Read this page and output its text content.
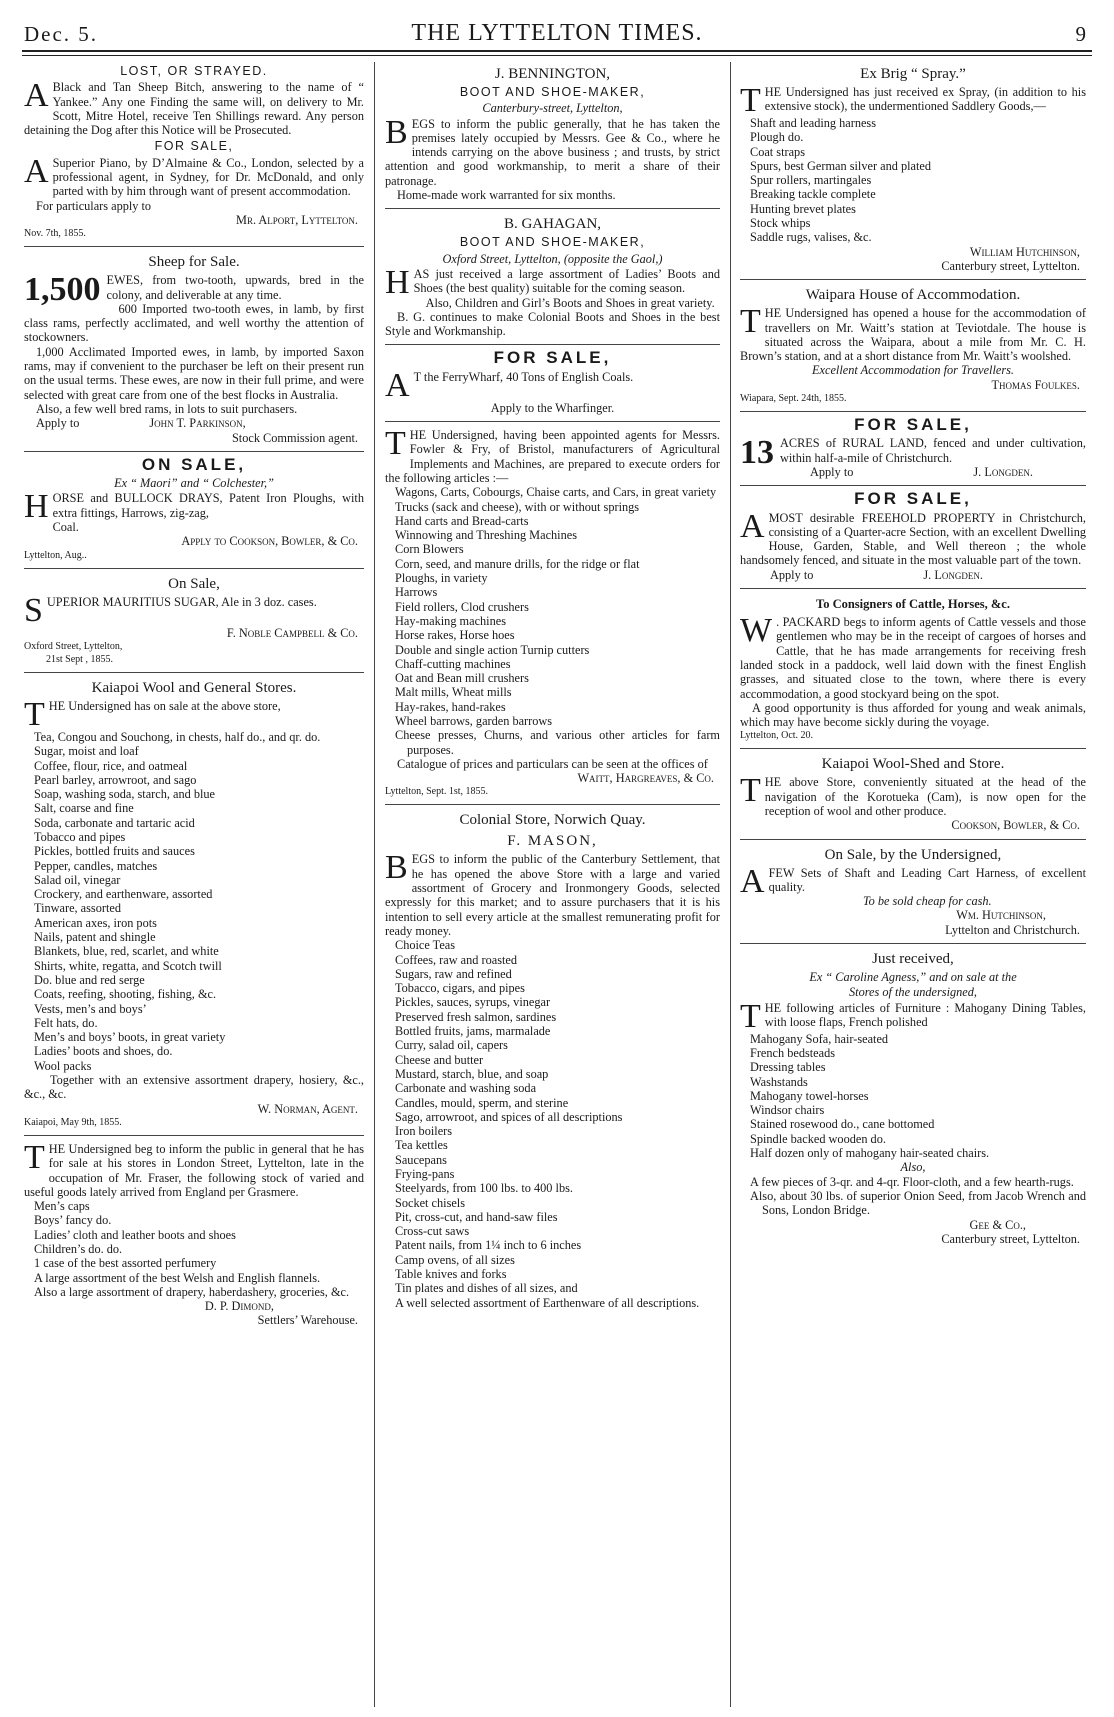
Dec. 5.	THE LYTTELTON TIMES.	9
LOST, OR STRAYED.

A Black and Tan Sheep Bitch, answering to the name of “ Yankee.” Any one Finding the same will, on delivery to Mr. Scott, Mitre Hotel, receive Ten Shillings reward. Any person detaining the Dog after this Notice will be Prosecuted.

FOR SALE,

A Superior Piano, by D’Almaine & Co., London, selected by a professional agent, in Sydney, for Dr. McDonald, and only parted with by him through want of present accommodation.

For particulars apply to

Mr. Alport, Lyttelton.

Nov. 7th, 1855.

Sheep for Sale.

1,500 EWES, from two-tooth, upwards, bred in the colony, and deliverable at any time.

600 Imported two-tooth ewes, in lamb, by first class rams, perfectly acclimated, and well worthy the attention of stockowners.

1,000 Acclimated Imported ewes, in lamb, by imported Saxon rams, may if convenient to the purchaser be left on their present run on the usual terms. These ewes, are now in their full prime, and were selected with great care from one of the best flocks in Australia.

Also, a few well bred rams, in lots to suit purchasers.

Apply to	John T. Parkinson,

Stock Commission agent.

ON SALE,
Ex “ Maori” and “ Colchester,”

HORSE and BULLOCK DRAYS, Patent Iron Ploughs, with extra fittings, Harrows, zig-zag,

Coal.

Apply to Cookson, Bowler, & Co.

Lyttelton, Aug..

On Sale,

SUPERIOR MAURITIUS SUGAR, Ale in 3 doz. cases.

F. Noble Campbell & Co.

Oxford Street, Lyttelton,

21st Sept , 1855.

Kaiapoi Wool and General Stores.

THE Undersigned has on sale at the above store,

Tea, Congou and Souchong, in chests, half do., and qr. do.

Sugar, moist and loaf

Coffee, flour, rice, and oatmeal

Pearl barley, arrowroot, and sago

Soap, washing soda, starch, and blue

Salt, coarse and fine

Soda, carbonate and tartaric acid

Tobacco and pipes

Pickles, bottled fruits and sauces

Pepper, candles, matches

Salad oil, vinegar

Crockery, and earthenware, assorted

Tinware, assorted

American axes, iron pots

Nails, patent and shingle

Blankets, blue, red, scarlet, and white

Shirts, white, regatta, and Scotch twill

Do. blue and red serge

Coats, reefing, shooting, fishing, &c.

Vests, men’s and boys’

Felt hats, do.

Men’s and boys’ boots, in great variety

Ladies’ boots and shoes, do.

Wool packs

Together with an extensive assortment drapery, hosiery, &c., &c., &c.

W. Norman, Agent.

Kaiapoi, May 9th, 1855.

THE Undersigned beg to inform the public in general that he has for sale at his stores in London Street, Lyttelton, late in the occupation of Mr. Fraser, the following stock of varied and useful goods lately arrived from England per Grasmere.

Men’s caps

Boys’ fancy do.

Ladies’ cloth and leather boots and shoes

Children’s do. do.

1 case of the best assorted perfumery

A large assortment of the best Welsh and English flannels.

Also a large assortment of drapery, haberdashery, groceries, &c.

D. P. Dimond,

Settlers’ Warehouse.

J. BENNINGTON,
BOOT AND SHOE-MAKER,
Canterbury-street, Lyttelton,

BEGS to inform the public generally, that he has taken the premises lately occupied by Messrs. Gee & Co., where he intends carrying on the above business ; and trusts, by strict attention and good workmanship, to merit a share of their patronage.

Home-made work warranted for six months.

B. GAHAGAN,
BOOT AND SHOE-MAKER,
Oxford Street, Lyttelton, (opposite the Gaol,)

HAS just received a large assortment of Ladies’ Boots and Shoes (the best quality) suitable for the coming season.

Also, Children and Girl’s Boots and Shoes in great variety.

B. G. continues to make Colonial Boots and Shoes in the best Style and Workmanship.

FOR SALE,

A T the FerryWharf, 40 Tons of English Coals.

Apply to the Wharfinger.

THE Undersigned, having been appointed agents for Messrs. Fowler & Fry, of Bristol, manufacturers of Agricultural Implements and Machines, are prepared to execute orders for the following articles :—

Wagons, Carts, Cobourgs, Chaise carts, and Cars, in great variety

Trucks (sack and cheese), with or without springs

Hand carts and Bread-carts

Winnowing and Threshing Machines

Corn Blowers

Corn, seed, and manure drills, for the ridge or flat

Ploughs, in variety

Harrows

Field rollers, Clod crushers

Hay-making machines

Horse rakes, Horse hoes

Double and single action Turnip cutters

Chaff-cutting machines

Oat and Bean mill crushers

Malt mills, Wheat mills

Hay-rakes, hand-rakes

Wheel barrows, garden barrows

Cheese presses, Churns, and various other articles for farm purposes.

Catalogue of prices and particulars can be seen at the offices of

Waitt, Hargreaves, & Co.

Lyttelton, Sept. 1st, 1855.

Colonial Store, Norwich Quay.
F. MASON,

BEGS to inform the public of the Canterbury Settlement, that he has opened the above Store with a large and varied assortment of Grocery and Ironmongery Goods, selected expressly for this market; and to assure purchasers that it is his intention to sell every article at the smallest remunerating profit for ready money.

Choice Teas

Coffees, raw and roasted

Sugars, raw and refined

Tobacco, cigars, and pipes

Pickles, sauces, syrups, vinegar

Preserved fresh salmon, sardines

Bottled fruits, jams, marmalade

Curry, salad oil, capers

Cheese and butter

Mustard, starch, blue, and soap

Carbonate and washing soda

Candles, mould, sperm, and sterine

Sago, arrowroot, and spices of all descriptions

Iron boilers

Tea kettles

Saucepans

Frying-pans

Steelyards, from 100 lbs. to 400 lbs.

Socket chisels

Pit, cross-cut, and hand-saw files

Cross-cut saws

Patent nails, from 1¼ inch to 6 inches

Camp ovens, of all sizes

Table knives and forks

Tin plates and dishes of all sizes, and

A well selected assortment of Earthenware of all descriptions.

Ex Brig “ Spray.”

THE Undersigned has just received ex Spray, (in addition to his extensive stock), the undermentioned Saddlery Goods,—

Shaft and leading harness

Plough do.

Coat straps

Spurs, best German silver and plated

Spur rollers, martingales

Breaking tackle complete

Hunting brevet plates

Stock whips

Saddle rugs, valises, &c.

William Hutchinson,

Canterbury street, Lyttelton.

Waipara House of Accommodation.

THE Undersigned has opened a house for the accommodation of travellers on Mr. Waitt’s station at Teviotdale. The house is situated across the Waipara, about a mile from Mr. C. H. Brown’s station, and at a short distance from Mr. Waitt’s woolshed.

Excellent Accommodation for Travellers.

Thomas Foulkes.

Wiapara, Sept. 24th, 1855.

FOR SALE,

13 ACRES of RURAL LAND, fenced and under cultivation, within half-a-mile of Christchurch.

Apply to	J. Longden.

FOR SALE,

AMOST desirable FREEHOLD PROPERTY in Christchurch, consisting of a Quarter-acre Section, with an excellent Dwelling House, Garden, Stable, and Well thereon ; the whole handsomely fenced, and situate in the most valuable part of the town.

Apply to	J. Longden.

To Consigners of Cattle, Horses, &c.

W . PACKARD begs to inform agents of Cattle vessels and those gentlemen who may be in the receipt of cargoes of horses and Cattle, that he has made arrangements for receiving fresh landed stock in a paddock, well laid down with the finest English grasses, and situated close to the town, where there is every accommodation, a good stockyard being on the spot.

A good opportunity is thus afforded for young and weak animals, which may have become sickly during the voyage.

Lyttelton, Oct. 20.

Kaiapoi Wool-Shed and Store.

THE above Store, conveniently situated at the head of the navigation of the Korotueka (Cam), is now open for the reception of wool and other produce.

Cookson, Bowler, & Co.

On Sale, by the Undersigned,

AFEW Sets of Shaft and Leading Cart Harness, of excellent quality.

To be sold cheap for cash.

Wm. Hutchinson,

Lyttelton and Christchurch.

Just received,
Ex “ Caroline Agness,” and on sale at the
Stores of the undersigned,

THE following articles of Furniture : Mahogany Dining Tables, with loose flaps, French polished

Mahogany Sofa, hair-seated

French bedsteads

Dressing tables

Washstands

Mahogany towel-horses

Windsor chairs

Stained rosewood do., cane bottomed

Spindle backed wooden do.

Half dozen only of mahogany hair-seated chairs.

Also,

A few pieces of 3-qr. and 4-qr. Floor-cloth, and a few hearth-rugs.

Also, about 30 lbs. of superior Onion Seed, from Jacob Wrench and Sons, London Bridge.

Gee & Co.,

Canterbury street, Lyttelton.
